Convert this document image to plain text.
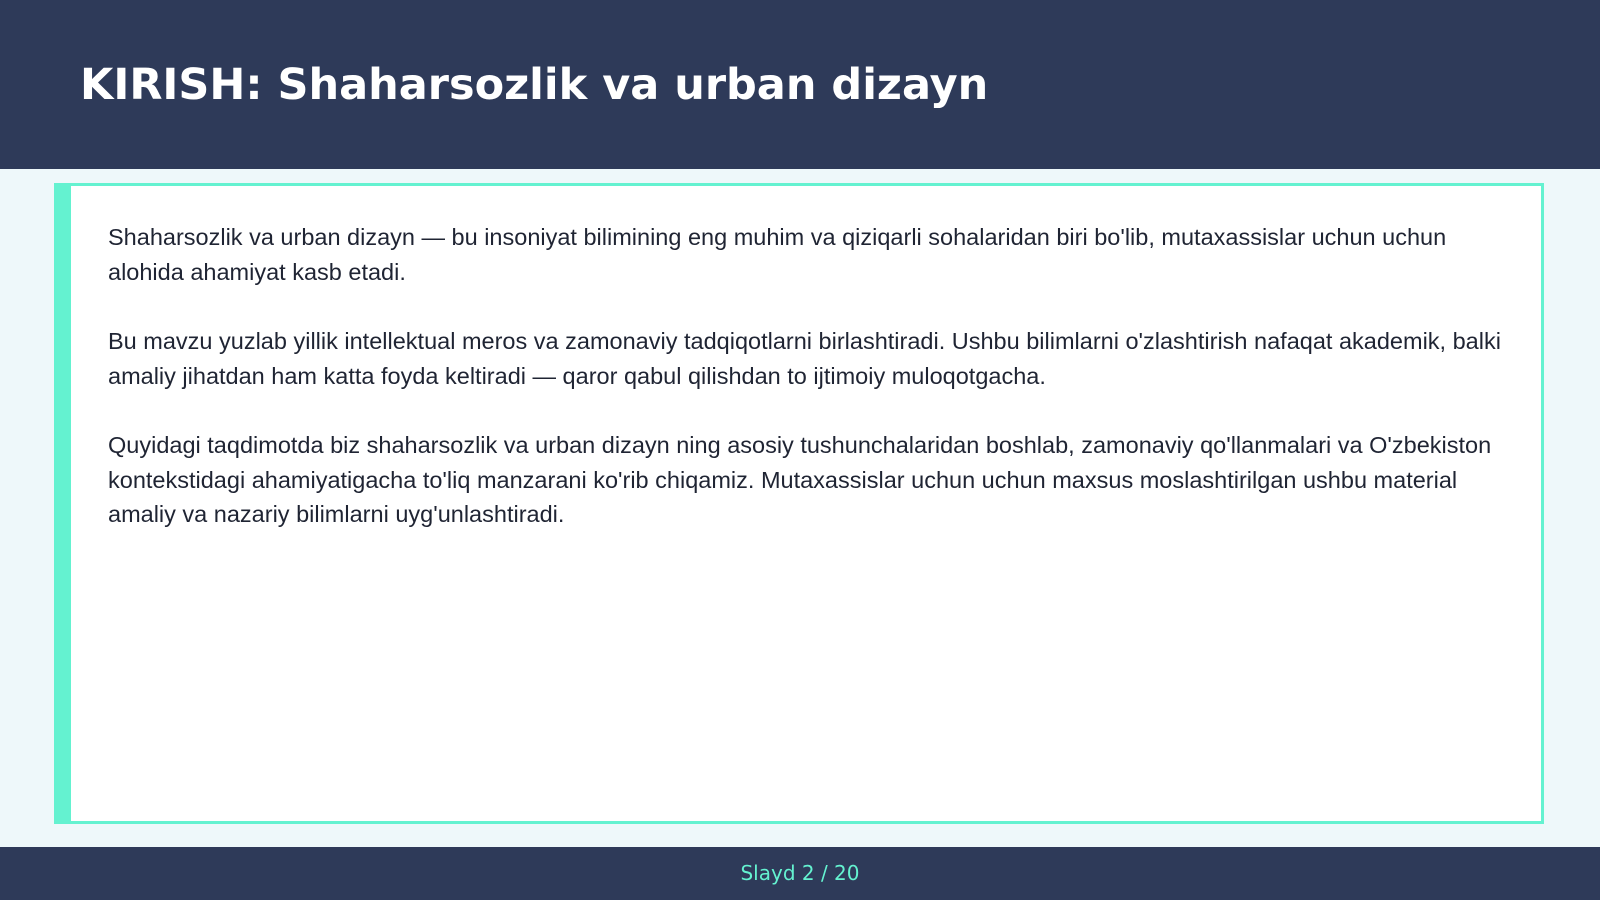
KIRISH: Shaharsozlik va urban dizayn

Shaharsozlik va urban dizayn — bu insoniyat bilimining eng muhim va qiziqarli sohalaridan biri bo'lib, mutaxassislar uchun uchun alohida ahamiyat kasb etadi.

Bu mavzu yuzlab yillik intellektual meros va zamonaviy tadqiqotlarni birlashtiradi. Ushbu bilimlarni o'zlashtirish nafaqat akademik, balki amaliy jihatdan ham katta foyda keltiradi — qaror qabul qilishdan to ijtimoiy muloqotgacha.

Quyidagi taqdimotda biz shaharsozlik va urban dizayn ning asosiy tushunchalaridan boshlab, zamonaviy qo'llanmalari va O'zbekiston kontekstidagi ahamiyatigacha to'liq manzarani ko'rib chiqamiz. Mutaxassislar uchun uchun maxsus moslashtirilgan ushbu material amaliy va nazariy bilimlarni uyg'unlashtiradi.

Slayd 2 / 20
